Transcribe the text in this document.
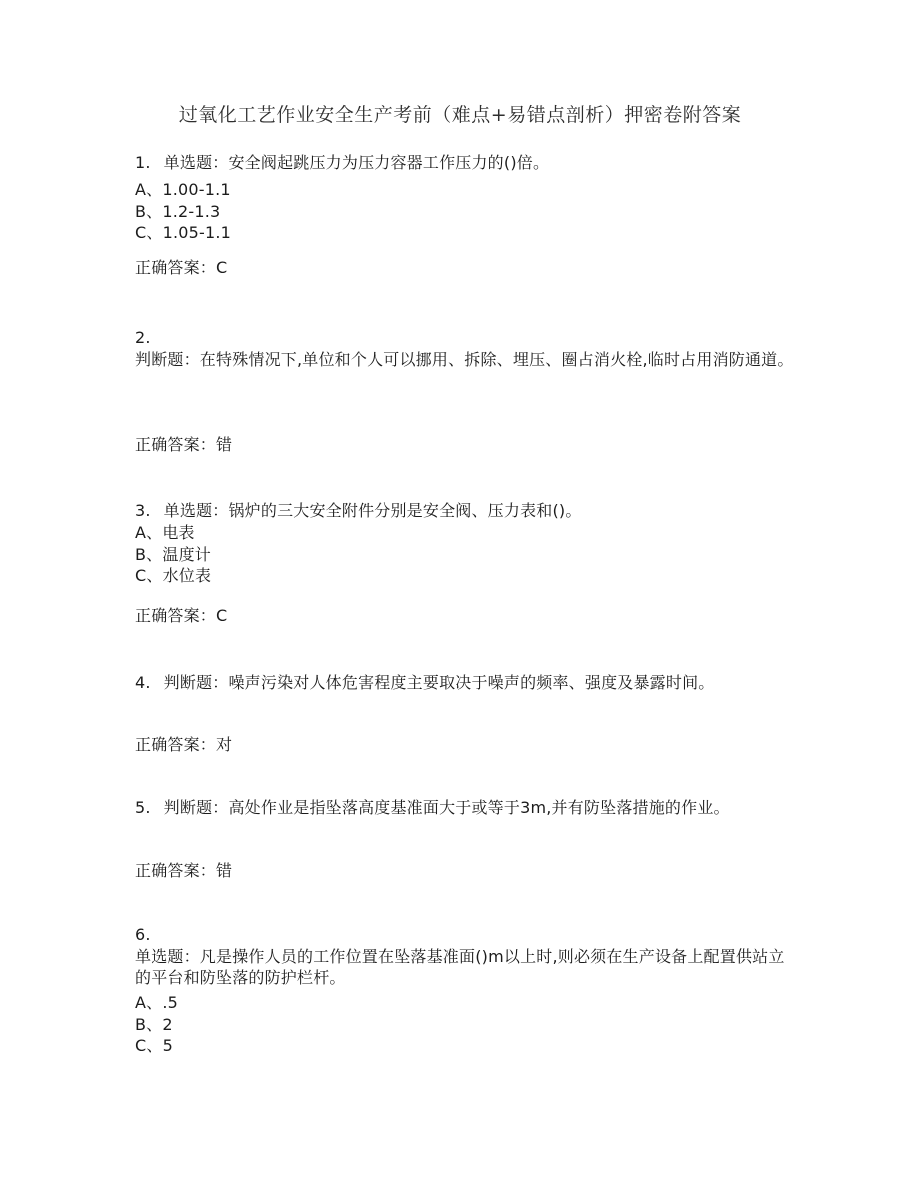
过氧化工艺作业安全生产考前（难点+易错点剖析）押密卷附答案
1. 单选题：安全阀起跳压力为压力容器工作压力的()倍。
A、1.00-1.1
B、1.2-1.3
C、1.05-1.1
正确答案：C
2.
判断题：在特殊情况下,单位和个人可以挪用、拆除、埋压、圈占消火栓,临时占用消防通道。
正确答案：错
3. 单选题：锅炉的三大安全附件分别是安全阀、压力表和()。
A、电表
B、温度计
C、水位表
正确答案：C
4. 判断题：噪声污染对人体危害程度主要取决于噪声的频率、强度及暴露时间。
正确答案：对
5. 判断题：高处作业是指坠落高度基准面大于或等于3m,并有防坠落措施的作业。
正确答案：错
6.
单选题：凡是操作人员的工作位置在坠落基准面()m以上时,则必须在生产设备上配置供站立的平台和防坠落的防护栏杆。
A、.5
B、2
C、5
